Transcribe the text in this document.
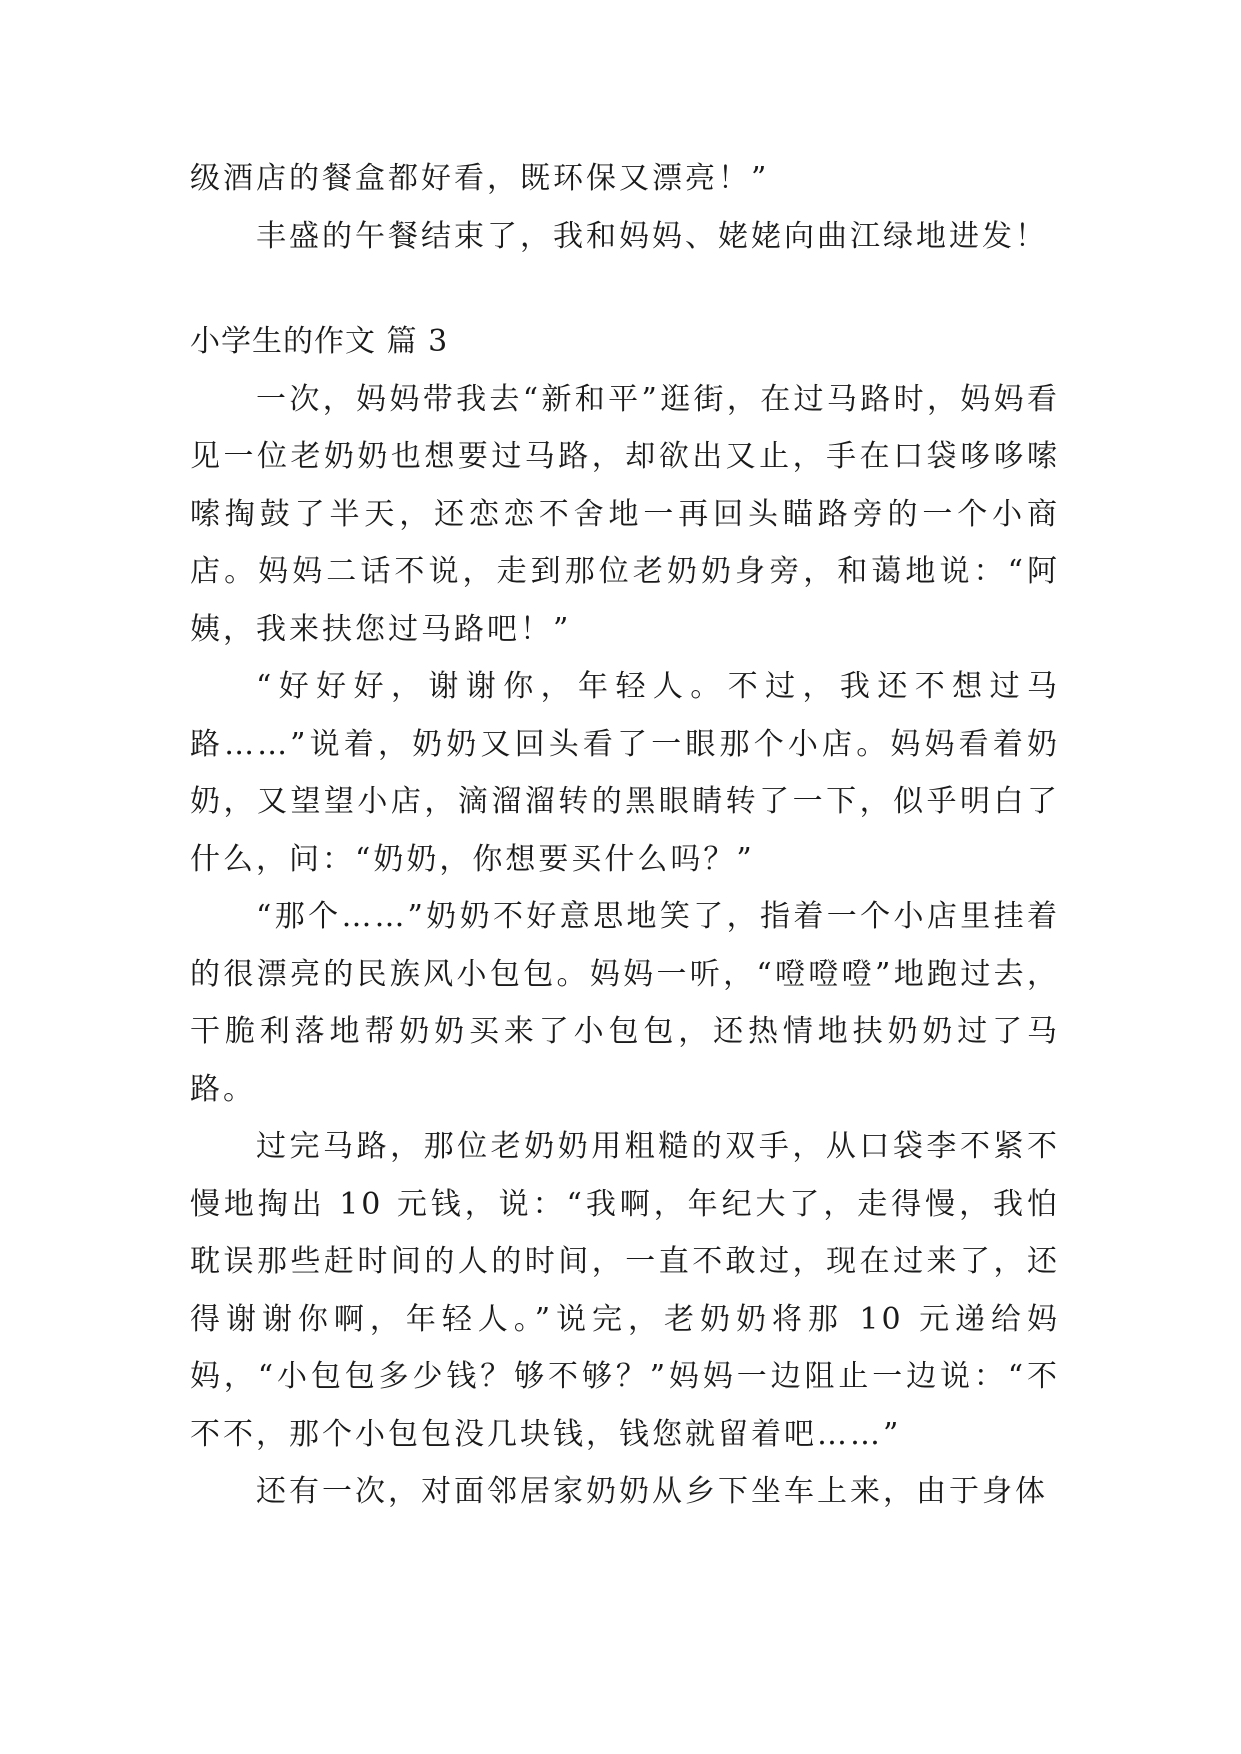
级酒店的餐盒都好看，既环保又漂亮！”

丰盛的午餐结束了，我和妈妈、姥姥向曲江绿地进发！

小学生的作文 篇 3

一次，妈妈带我去“新和平”逛街，在过马路时，妈妈看见一位老奶奶也想要过马路，却欲出又止，手在口袋哆哆嗦嗦掏鼓了半天，还恋恋不舍地一再回头瞄路旁的一个小商店。妈妈二话不说，走到那位老奶奶身旁，和蔼地说：“阿姨，我来扶您过马路吧！”

“好好好，谢谢你，年轻人。不过，我还不想过马路……”说着，奶奶又回头看了一眼那个小店。妈妈看着奶奶，又望望小店，滴溜溜转的黑眼睛转了一下，似乎明白了什么，问：“奶奶，你想要买什么吗？”

“那个……”奶奶不好意思地笑了，指着一个小店里挂着的很漂亮的民族风小包包。妈妈一听，“噔噔噔”地跑过去，干脆利落地帮奶奶买来了小包包，还热情地扶奶奶过了马路。

过完马路，那位老奶奶用粗糙的双手，从口袋李不紧不慢地掏出 10 元钱，说：“我啊，年纪大了，走得慢，我怕耽误那些赶时间的人的时间，一直不敢过，现在过来了，还得谢谢你啊，年轻人。”说完，老奶奶将那 10 元递给妈妈，“小包包多少钱？够不够？”妈妈一边阻止一边说：“不不不，那个小包包没几块钱，钱您就留着吧……”

还有一次，对面邻居家奶奶从乡下坐车上来，由于身体
